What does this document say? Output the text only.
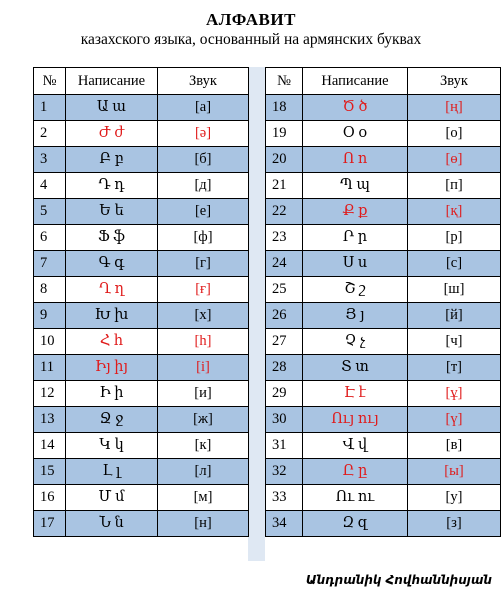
АЛФАВИТ
казахского языка, основанный на армянских буквах
№	Написание	Звук
1	Ա ա	[а]
2	Ժ ժ	[ә]
3	Բ բ	[б]
4	Դ դ	[д]
5	Ե ե	[е]
6	Ֆ ֆ	[ф]
7	Գ գ	[г]
8	Ղ ղ	[ғ]
9	Խ խ	[х]
10	Հ հ	[h]
11	Իյ իյ	[i]
12	Ի ի	[и]
13	Ջ ջ	[ж]
14	Կ կ	[к]
15	Լ լ	[л]
16	Մ մ	[м]
17	Ն ն	[н]
№	Написание	Звук
18	Ծ ծ	[ң]
19	Օ օ	[о]
20	Ո ո	[ө]
21	Պ պ	[п]
22	Ք ք	[қ]
23	Ր ր	[р]
24	Ս ս	[с]
25	Շ շ	[ш]
26	Յ յ	[й]
27	Չ չ	[ч]
28	Տ տ	[т]
29	Է է	[ұ]
30	Ույ ույ	[ү]
31	Վ վ	[в]
32	Ը ը	[ы]
33	Ու ու	[у]
34	Զ զ	[з]
Անդրանիկ Հովհաննիսյան
